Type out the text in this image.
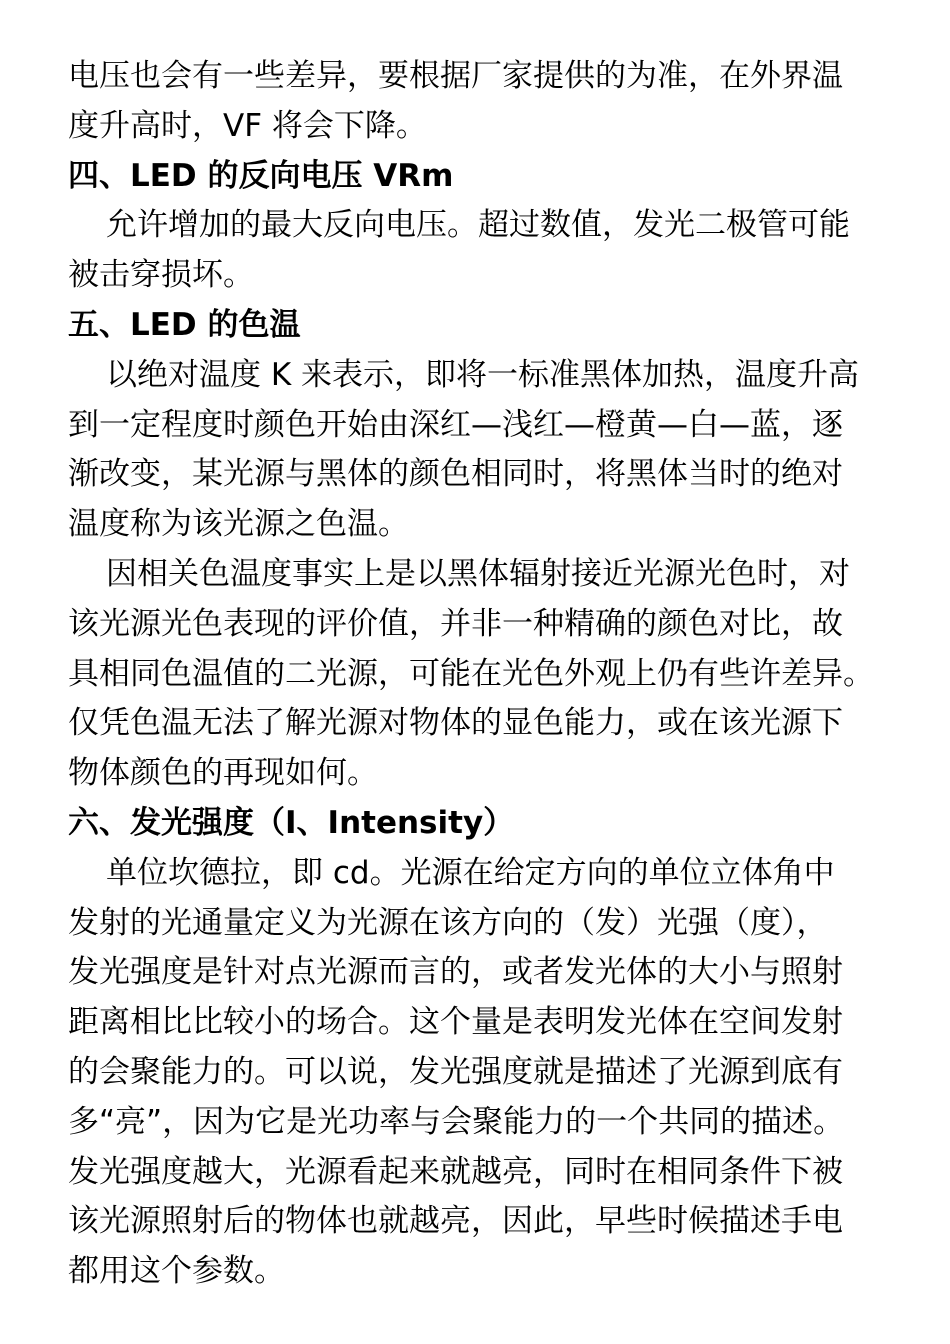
电压也会有一些差异，要根据厂家提供的为准，在外界温
度升高时，VF 将会下降。
四、LED 的反向电压 VRm
允许增加的最大反向电压。超过数值，发光二极管可能
被击穿损坏。
五、LED 的色温
以绝对温度 K 来表示，即将一标准黑体加热，温度升高
到一定程度时颜色开始由深红—浅红—橙黄—白—蓝，逐
渐改变，某光源与黑体的颜色相同时，将黑体当时的绝对
温度称为该光源之色温。
因相关色温度事实上是以黑体辐射接近光源光色时，对
该光源光色表现的评价值，并非一种精确的颜色对比，故
具相同色温值的二光源，可能在光色外观上仍有些许差异。
仅凭色温无法了解光源对物体的显色能力，或在该光源下
物体颜色的再现如何。
六、发光强度（I、Intensity）
单位坎德拉，即 cd。光源在给定方向的单位立体角中
发射的光通量定义为光源在该方向的（发）光强（度），
发光强度是针对点光源而言的，或者发光体的大小与照射
距离相比比较小的场合。这个量是表明发光体在空间发射
的会聚能力的。可以说，发光强度就是描述了光源到底有
多“亮”，因为它是光功率与会聚能力的一个共同的描述。
发光强度越大，光源看起来就越亮，同时在相同条件下被
该光源照射后的物体也就越亮，因此，早些时候描述手电
都用这个参数。
